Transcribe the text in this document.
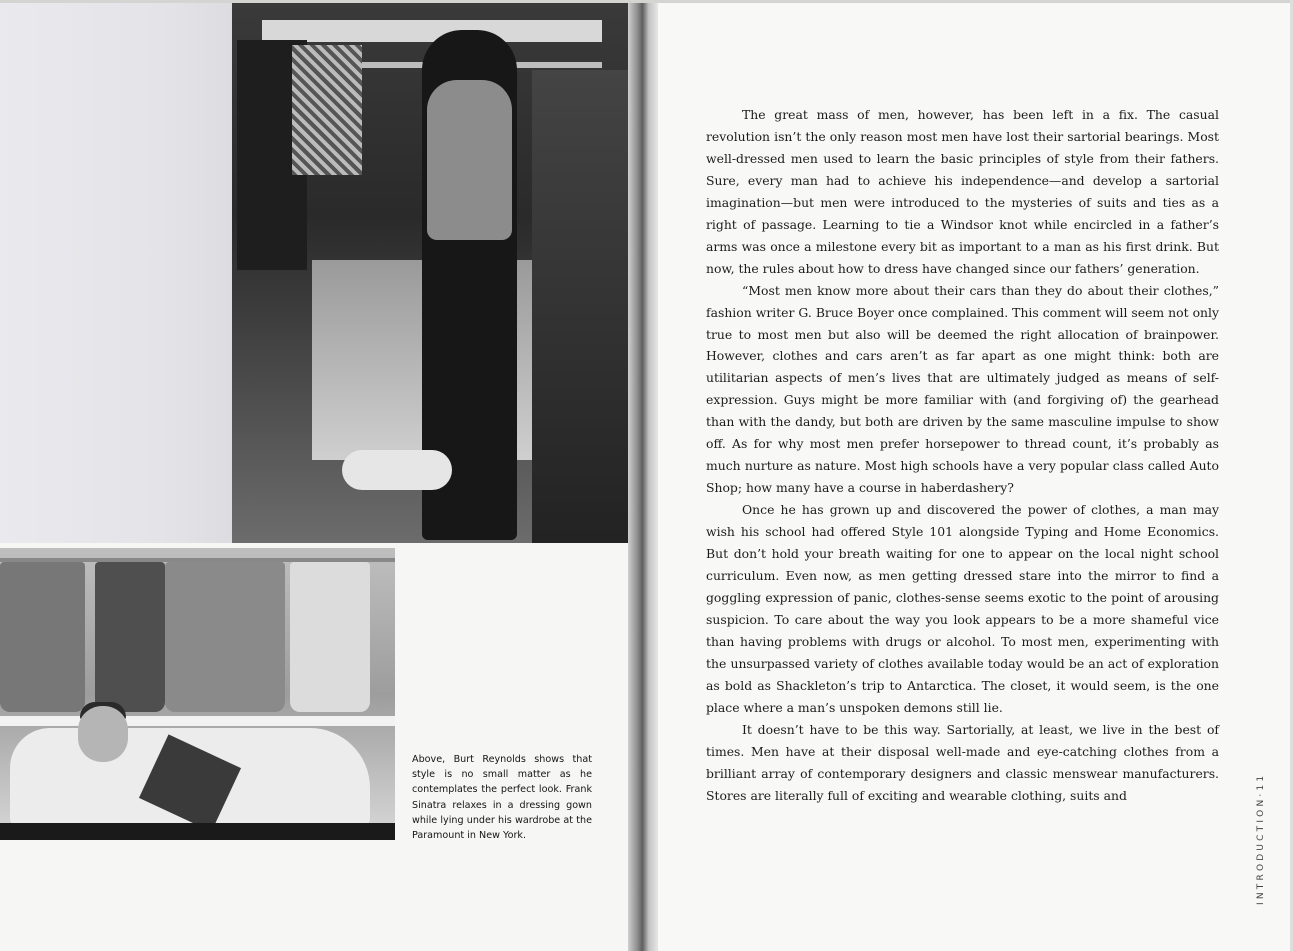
Above, Burt Reynolds shows that style is no small matter as he contemplates the perfect look. Frank Sinatra relaxes in a dressing gown while lying under his wardrobe at the Paramount in New York.

The great mass of men, however, has been left in a fix. The casual revolution isn’t the only reason most men have lost their sartorial bearings. Most well-dressed men used to learn the basic principles of style from their fathers. Sure, every man had to achieve his independence—and develop a sartorial imagination—but men were introduced to the mysteries of suits and ties as a right of passage. Learning to tie a Windsor knot while encircled in a father’s arms was once a milestone every bit as important to a man as his first drink. But now, the rules about how to dress have changed since our fathers’ generation.

“Most men know more about their cars than they do about their clothes,” fashion writer G. Bruce Boyer once complained. This comment will seem not only true to most men but also will be deemed the right allocation of brainpower. However, clothes and cars aren’t as far apart as one might think: both are utilitarian aspects of men’s lives that are ultimately judged as means of self-expression. Guys might be more familiar with (and forgiving of) the gearhead than with the dandy, but both are driven by the same masculine impulse to show off. As for why most men prefer horsepower to thread count, it’s probably as much nurture as nature. Most high schools have a very popular class called Auto Shop; how many have a course in haberdashery?

Once he has grown up and discovered the power of clothes, a man may wish his school had offered Style 101 alongside Typing and Home Economics. But don’t hold your breath waiting for one to appear on the local night school curriculum. Even now, as men getting dressed stare into the mirror to find a goggling expression of panic, clothes-sense seems exotic to the point of arousing suspicion. To care about the way you look appears to be a more shameful vice than having problems with drugs or alcohol. To most men, experimenting with the unsurpassed variety of clothes available today would be an act of exploration as bold as Shackleton’s trip to Antarctica. The closet, it would seem, is the one place where a man’s unspoken demons still lie.

It doesn’t have to be this way. Sartorially, at least, we live in the best of times. Men have at their disposal well-made and eye-catching clothes from a brilliant array of contemporary designers and classic menswear manufacturers. Stores are literally full of exciting and wearable clothing, suits and	INTRODUCTION·11
